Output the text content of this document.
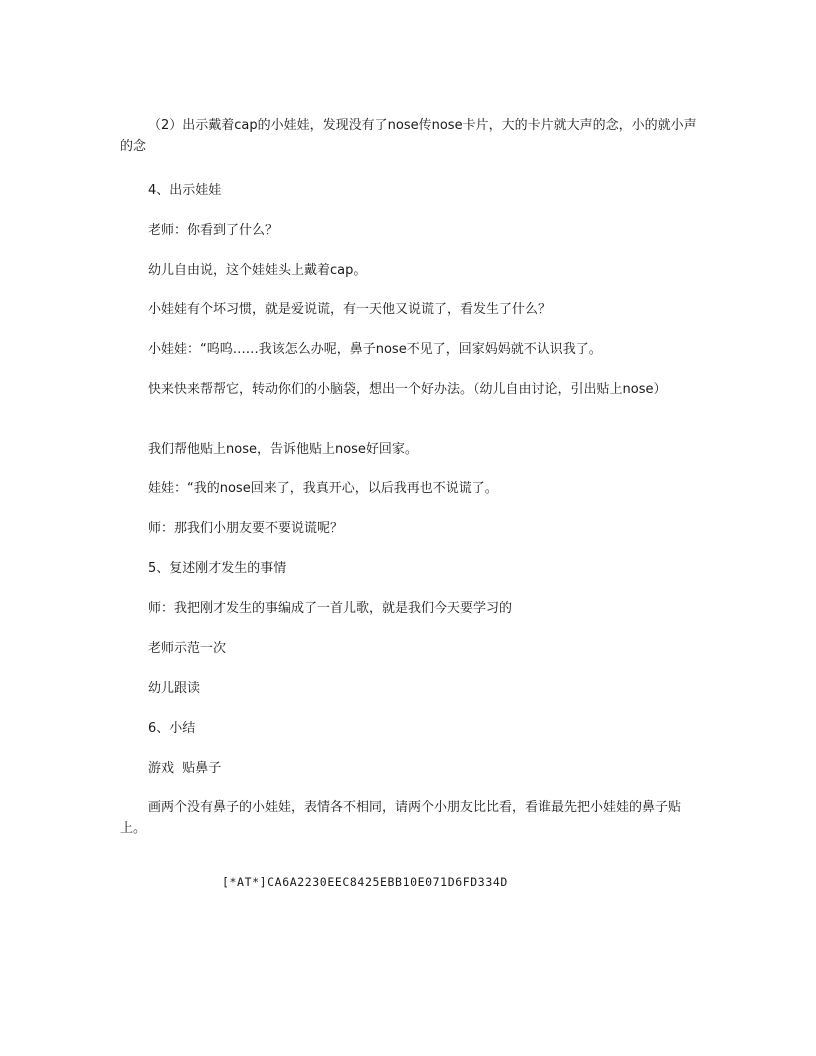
（2）出示戴着cap的小娃娃，发现没有了nose传nose卡片，大的卡片就大声的念，小的就小声的念

4、出示娃娃

老师：你看到了什么？

幼儿自由说，这个娃娃头上戴着cap。

小娃娃有个坏习惯，就是爱说谎，有一天他又说谎了，看发生了什么？

小娃娃：“呜呜……我该怎么办呢，鼻子nose不见了，回家妈妈就不认识我了。

快来快来帮帮它，转动你们的小脑袋，想出一个好办法。（幼儿自由讨论，引出贴上nose）

我们帮他贴上nose，告诉他贴上nose好回家。

娃娃：“我的nose回来了，我真开心，以后我再也不说谎了。

师：那我们小朋友要不要说谎呢？

5、复述刚才发生的事情

师：我把刚才发生的事编成了一首儿歌，就是我们今天要学习的

老师示范一次

幼儿跟读

6、小结

游戏  贴鼻子

画两个没有鼻子的小娃娃，表情各不相同，请两个小朋友比比看，看谁最先把小娃娃的鼻子贴上。

[*AT*]CA6A2230EEC8425EBB10E071D6FD334D
